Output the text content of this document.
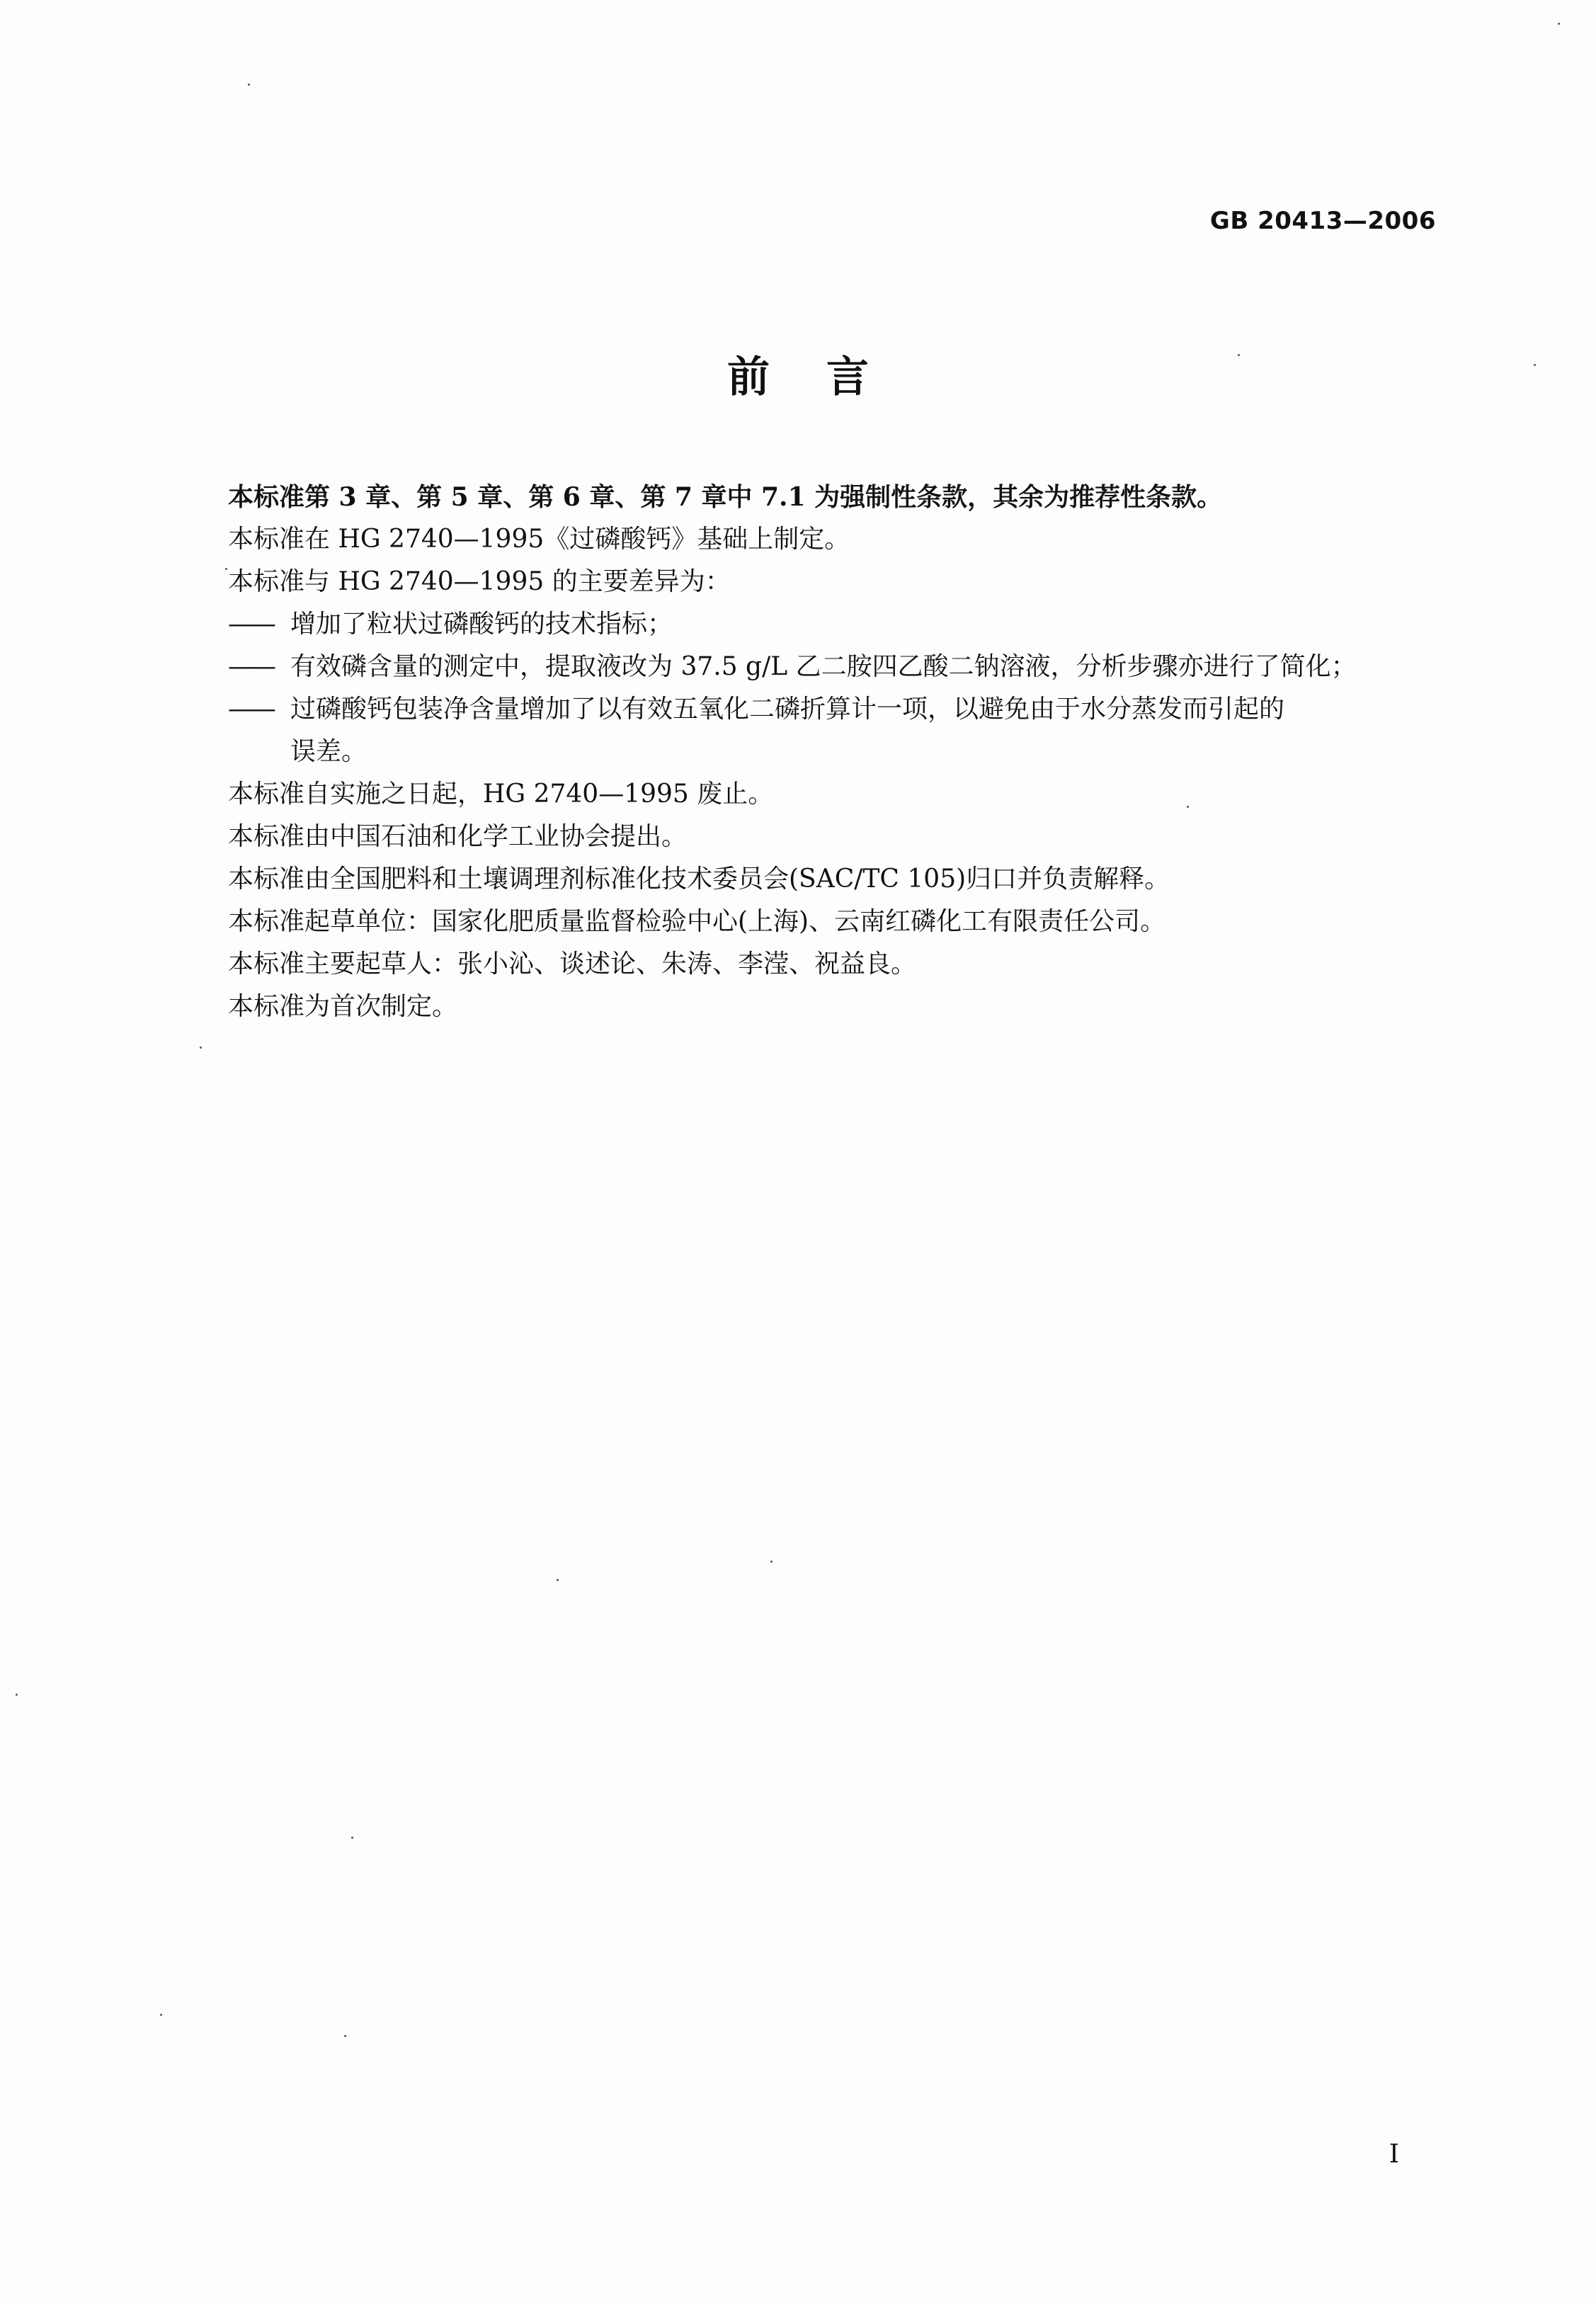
GB 20413—2006
前言

本标准第 3 章、第 5 章、第 6 章、第 7 章中 7.1 为强制性条款，其余为推荐性条款。

本标准在 HG 2740—1995《过磷酸钙》基础上制定。

本标准与 HG 2740—1995 的主要差异为：

—— 增加了粒状过磷酸钙的技术指标；
—— 有效磷含量的测定中，提取液改为 37.5 g/L 乙二胺四乙酸二钠溶液，分析步骤亦进行了简化；
—— 过磷酸钙包装净含量增加了以有效五氧化二磷折算计一项，以避免由于水分蒸发而引起的
误差。

本标准自实施之日起，HG 2740—1995 废止。

本标准由中国石油和化学工业协会提出。

本标准由全国肥料和土壤调理剂标准化技术委员会(SAC/TC 105)归口并负责解释。

本标准起草单位：国家化肥质量监督检验中心(上海)、云南红磷化工有限责任公司。

本标准主要起草人：张小沁、谈述论、朱涛、李滢、祝益良。

本标准为首次制定。

I
